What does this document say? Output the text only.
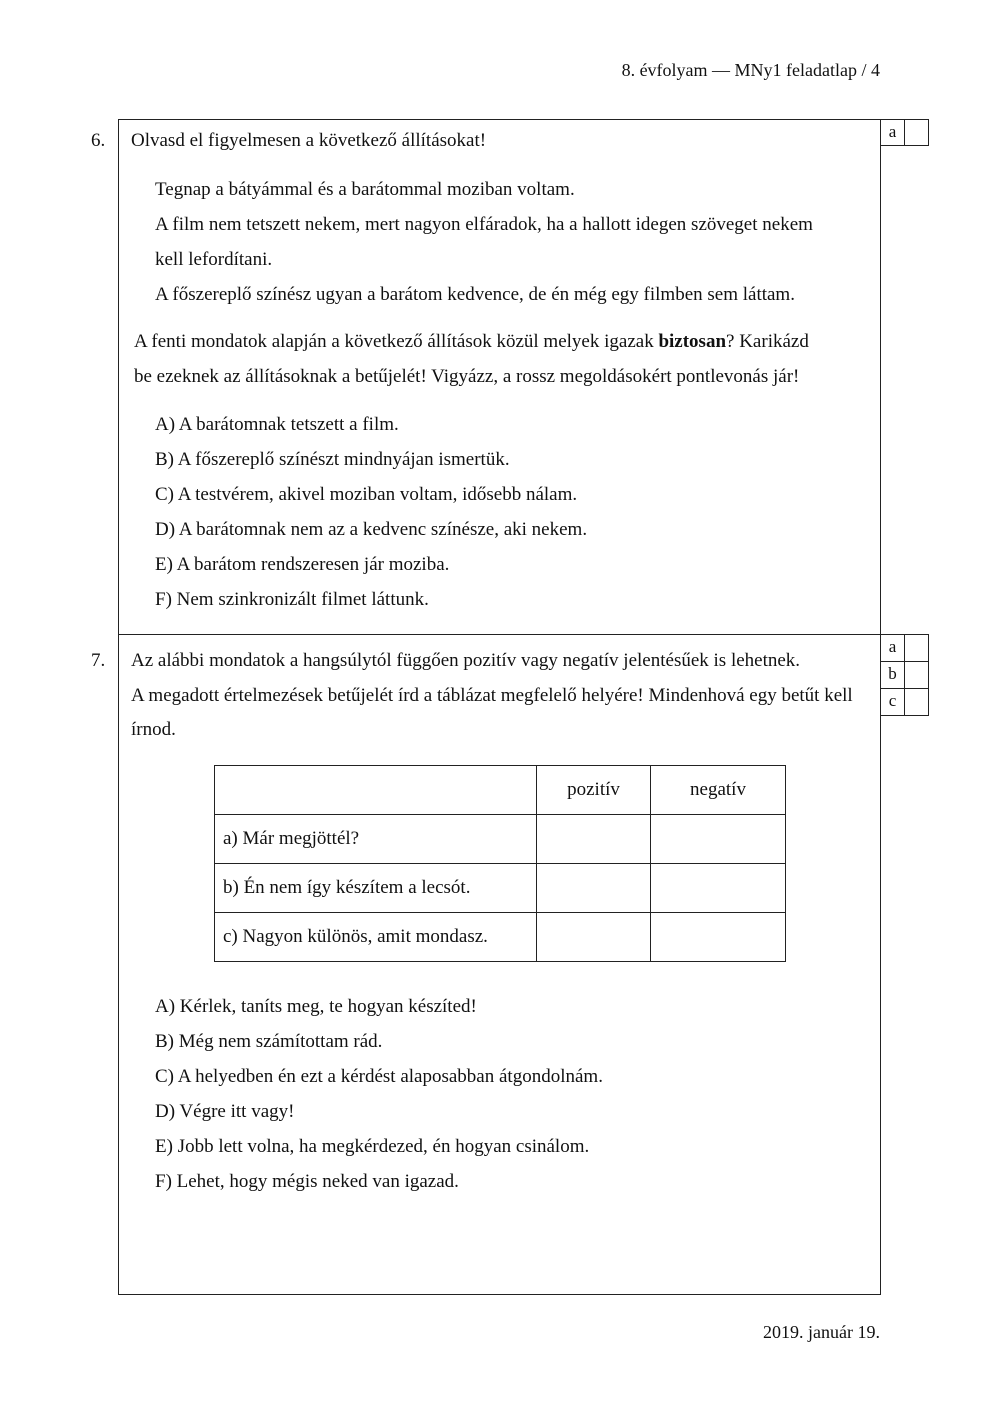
8. évfolyam — MNy1 feladatlap / 4
a
a
b
c
6. Olvasd el figyelmesen a következő állításokat!
Tegnap a bátyámmal és a barátommal moziban voltam.
A film nem tetszett nekem, mert nagyon elfáradok, ha a hallott idegen szöveget nekem
kell lefordítani.
A főszereplő színész ugyan a barátom kedvence, de én még egy filmben sem láttam.
A fenti mondatok alapján a következő állítások közül melyek igazak biztosan? Karikázd
be ezeknek az állításoknak a betűjelét! Vigyázz, a rossz megoldásokért pontlevonás jár!
A) A barátomnak tetszett a film.
B) A főszereplő színészt mindnyájan ismertük.
C) A testvérem, akivel moziban voltam, idősebb nálam.
D) A barátomnak nem az a kedvenc színésze, aki nekem.
E) A barátom rendszeresen jár moziba.
F) Nem szinkronizált filmet láttunk.
7. Az alábbi mondatok a hangsúlytól függően pozitív vagy negatív jelentésűek is lehetnek.
A megadott értelmezések betűjelét írd a táblázat megfelelő helyére! Mindenhová egy betűt kell
írnod.
	pozitív	negatív
a) Már megjöttél?		
b) Én nem így készítem a lecsót.		
c) Nagyon különös, amit mondasz.		
A) Kérlek, taníts meg, te hogyan készíted!
B) Még nem számítottam rád.
C) A helyedben én ezt a kérdést alaposabban átgondolnám.
D) Végre itt vagy!
E) Jobb lett volna, ha megkérdezed, én hogyan csinálom.
F) Lehet, hogy mégis neked van igazad.
2019. január 19.
